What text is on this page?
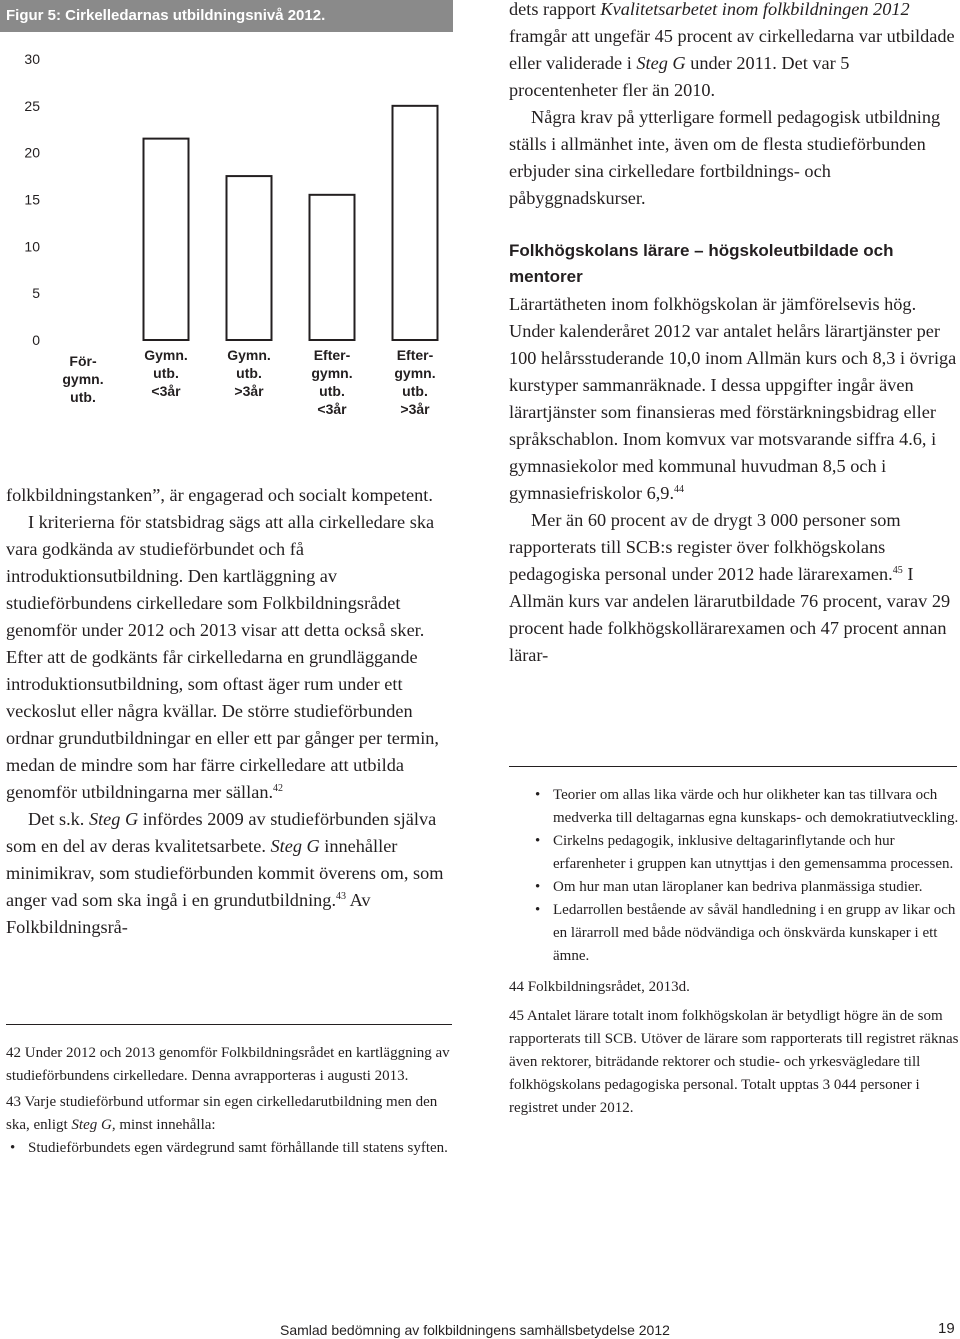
Figur 5: Cirkelledarnas utbildningsnivå 2012.
0
5
10
15
20
25
30
För-gymn. utb.
Gymn. utb. <3år
Gymn. utb. >3år
Efter-gymn. utb. <3år
Efter-gymn. utb. >3år

folkbildningstanken”, är engagerad och socialt kompetent.

I kriterierna för statsbidrag sägs att alla cirkelledare ska vara godkända av studieförbundet och få introduktionsutbildning. Den kartläggning av studieförbundens cirkelledare som Folkbildningsrådet genomför under 2012 och 2013 visar att detta också sker. Efter att de godkänts får cirkelledarna en grundläggande introduktionsutbildning, som oftast äger rum under ett veckoslut eller några kvällar. De större studieförbunden ordnar grundutbildningar en eller ett par gånger per termin, medan de mindre som har färre cirkelledare att utbilda genomför utbildningarna mer sällan.$^{42}$

Det s.k. Steg G infördes 2009 av studieförbunden själva som en del av deras kvalitetsarbete. Steg G innehåller minimikrav, som studieförbunden kommit överens om, som anger vad som ska ingå i en grundutbildning.$^{43}$ Av Folkbildningsrå-

42 Under 2012 och 2013 genomför Folkbildningsrådet en kartläggning av studieförbundens cirkelledare. Denna avrapporteras i augusti 2013.

43 Varje studieförbund utformar sin egen cirkelledarutbildning men den ska, enligt Steg G, minst innehålla:

• Studieförbundets egen värdegrund samt förhållande till statens syften.

dets rapport Kvalitetsarbetet inom folkbildningen 2012 framgår att ungefär 45 procent av cirkelledarna var utbildade eller validerade i Steg G under 2011. Det var 5 procentenheter fler än 2010.

Några krav på ytterligare formell pedagogisk utbildning ställs i allmänhet inte, även om de flesta studieförbunden erbjuder sina cirkelledare fortbildnings- och påbyggnadskurser.

Folkhögskolans lärare – högskoleutbildade och mentorer

Lärartätheten inom folkhögskolan är jämförelsevis hög. Under kalenderåret 2012 var antalet helårs lärartjänster per 100 helårsstuderande 10,0 inom Allmän kurs och 8,3 i övriga kurstyper sammanräknade. I dessa uppgifter ingår även lärartjänster som finansieras med förstärkningsbidrag eller språkschablon. Inom komvux var motsvarande siffra 4.6, i gymnasiekolor med kommunal huvudman 8,5 och i gymnasiefriskolor 6,9.44

Mer än 60 procent av de drygt 3 000 personer som rapporterats till SCB:s register över folkhögskolans pedagogiska personal under 2012 hade lärarexamen.$^{45}$ I Allmän kurs var andelen lärarutbildade 76 procent, varav 29 procent hade folkhögskollärarexamen och 47 procent annan lärar-

• Teorier om allas lika värde och hur olikheter kan tas tillvara och medverka till deltagarnas egna kunskaps- och demokratiutveckling.
• Cirkelns pedagogik, inklusive deltagarinflytande och hur erfarenheter i gruppen kan utnyttjas i den gemensamma processen.
• Om hur man utan läroplaner kan bedriva planmässiga studier.
• Ledarrollen bestående av såväl handledning i en grupp av likar och en lärarroll med både nödvändiga och önskvärda kunskaper i ett ämne.

44 Folkbildningsrådet, 2013d.

45 Antalet lärare totalt inom folkhögskolan är betydligt högre än de som rapporterats till SCB. Utöver de lärare som rapporterats till registret räknas även rektorer, biträdande rektorer och studie- och yrkesvägledare till folkhögskolans pedagogiska personal. Totalt upptas 3 044 personer i registret under 2012.

Samlad bedömning av folkbildningens samhällsbetydelse 2012	19
